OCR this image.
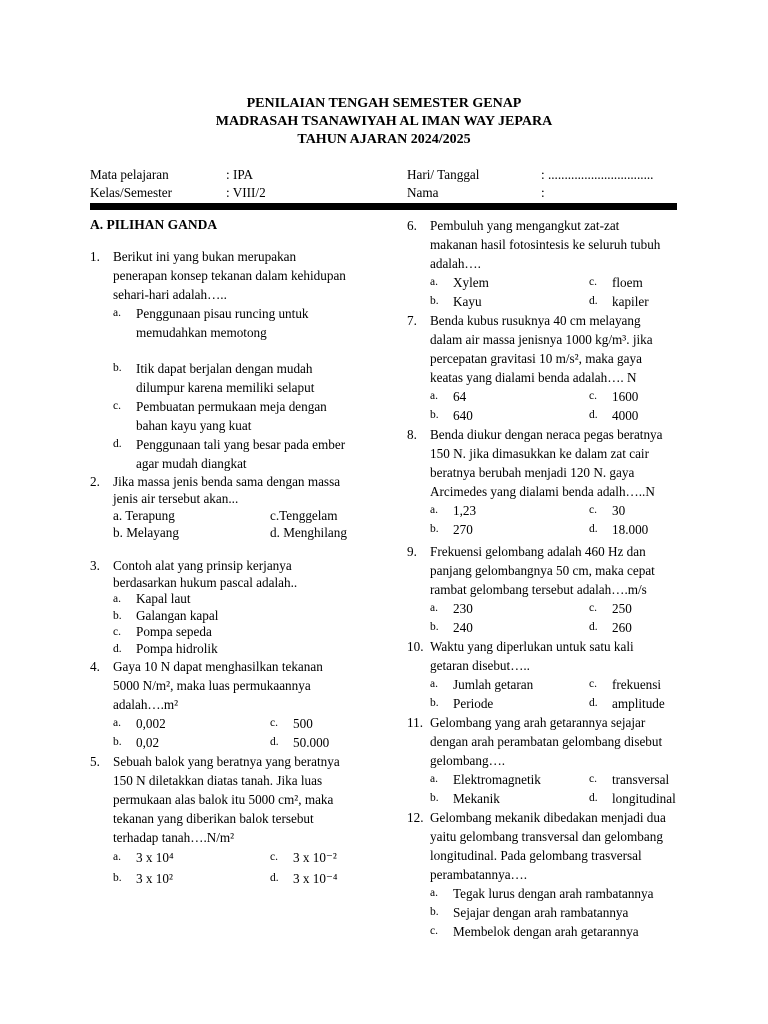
PENILAIAN TENGAH SEMESTER GENAP
MADRASAH TSANAWIYAH AL IMAN WAY JEPARA
TAHUN AJARAN 2024/2025
Mata pelajaran	: IPA
Kelas/Semester	: VIII/2
Hari/ Tanggal	: ................................
Nama	:
A. PILIHAN GANDA
1. Berikut ini yang bukan merupakan
penerapan konsep tekanan dalam kehidupan
sehari-hari adalah…..
a. Penggunaan pisau runcing untuk
memudahkan memotong
b. Itik dapat berjalan dengan mudah
dilumpur karena memiliki selaput
c. Pembuatan permukaan meja dengan
bahan kayu yang kuat
d. Penggunaan tali yang besar pada ember
agar mudah diangkat
2. Jika massa jenis benda sama dengan massa
jenis air tersebut akan...
a. Terapung	c.Tenggelam
b. Melayang	d. Menghilang
3. Contoh alat yang prinsip kerjanya
berdasarkan hukum pascal adalah..
a. Kapal laut
b. Galangan kapal
c. Pompa sepeda
d. Pompa hidrolik
4. Gaya 10 N dapat menghasilkan tekanan
5000 N/m², maka luas permukaannya
adalah….m²
a. 0,002	c. 500
b. 0,02	d. 50.000
5. Sebuah balok yang beratnya yang beratnya
150 N diletakkan diatas tanah. Jika luas
permukaan alas balok itu 5000 cm², maka
tekanan yang diberikan balok tersebut
terhadap tanah….N/m²
a. 3 x 10⁴	c. 3 x 10⁻²
b. 3 x 10²	d. 3 x 10⁻⁴
6. Pembuluh yang mengangkut zat-zat
makanan hasil fotosintesis ke seluruh tubuh
adalah….
a. Xylem	c. floem
b. Kayu	d. kapiler
7. Benda kubus rusuknya 40 cm melayang
dalam air massa jenisnya 1000 kg/m³. jika
percepatan gravitasi 10 m/s², maka gaya
keatas yang dialami benda adalah…. N
a. 64	c. 1600
b. 640	d. 4000
8. Benda diukur dengan neraca pegas beratnya
150 N. jika dimasukkan ke dalam zat cair
beratnya berubah menjadi 120 N. gaya
Arcimedes yang dialami benda adalh…..N
a. 1,23	c. 30
b. 270	d. 18.000
9. Frekuensi gelombang adalah 460 Hz dan
panjang gelombangnya 50 cm, maka cepat
rambat gelombang tersebut adalah….m/s
a. 230	c. 250
b. 240	d. 260
10. Waktu yang diperlukan untuk satu kali
getaran disebut…..
a. Jumlah getaran	c. frekuensi
b. Periode	d. amplitude
11. Gelombang yang arah getarannya sejajar
dengan arah perambatan gelombang disebut
gelombang….
a. Elektromagnetik	c. transversal
b. Mekanik	d. longitudinal
12. Gelombang mekanik dibedakan menjadi dua
yaitu gelombang transversal dan gelombang
longitudinal. Pada gelombang trasversal
perambatannya….
a. Tegak lurus dengan arah rambatannya
b. Sejajar dengan arah rambatannya
c. Membelok dengan arah getarannya
